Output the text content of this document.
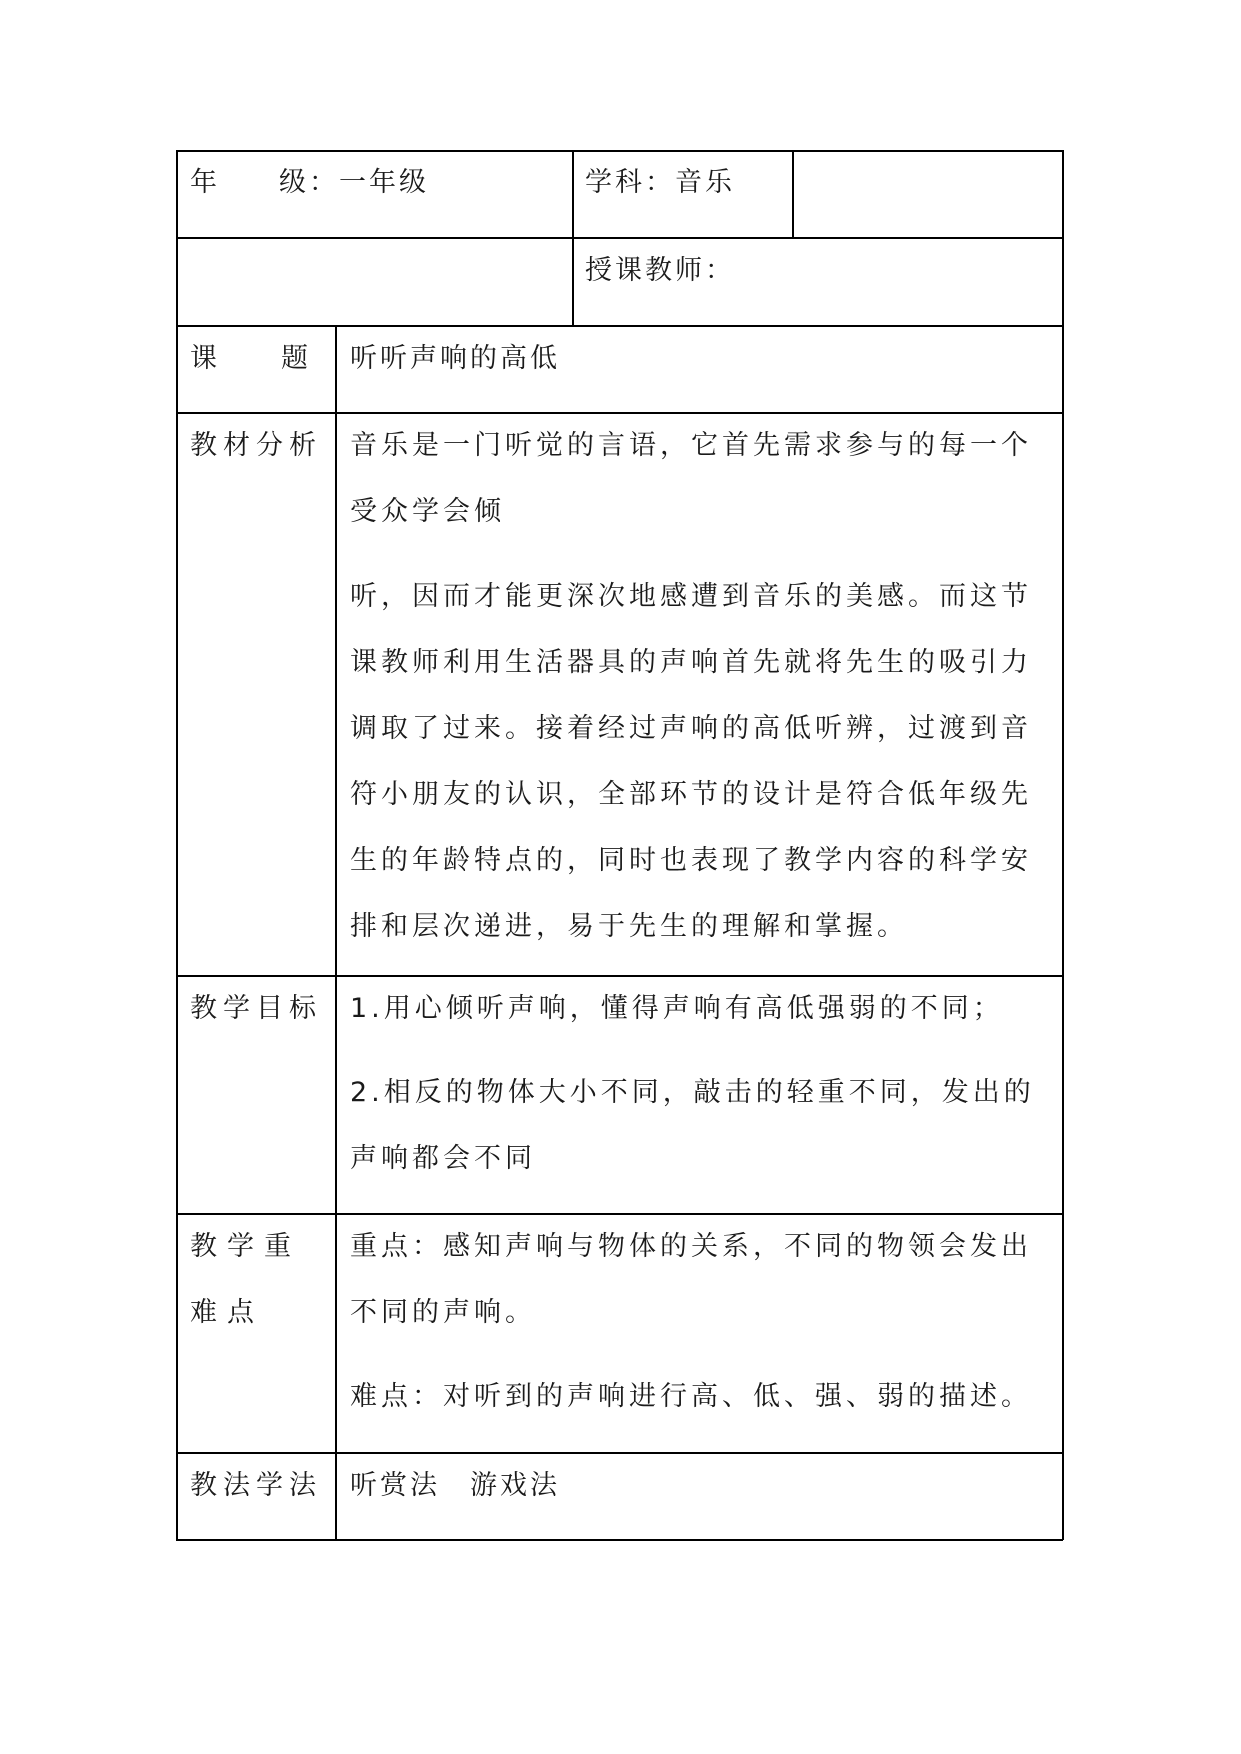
年 级：一年级	学科：音乐
授课教师：
课 题 听听声响的高低
教材分析 音乐是一门听觉的言语，它首先需求参与的每一个受众学会倾
听，因而才能更深次地感遭到音乐的美感。而这节课教师利用生活器具的声响首先就将先生的吸引力调取了过来。接着经过声响的高低听辨，过渡到音符小朋友的认识，全部环节的设计是符合低年级先生的年龄特点的，同时也表现了教学内容的科学安排和层次递进，易于先生的理解和掌握。
教学目标 1.用心倾听声响，懂得声响有高低强弱的不同；
2.相反的物体大小不同，敲击的轻重不同，发出的声响都会不同
教学重难点
重点：感知声响与物体的关系，不同的物领会发出不同的声响。
难点：对听到的声响进行高、低、强、弱的描述。
教法学法 听赏法　游戏法
